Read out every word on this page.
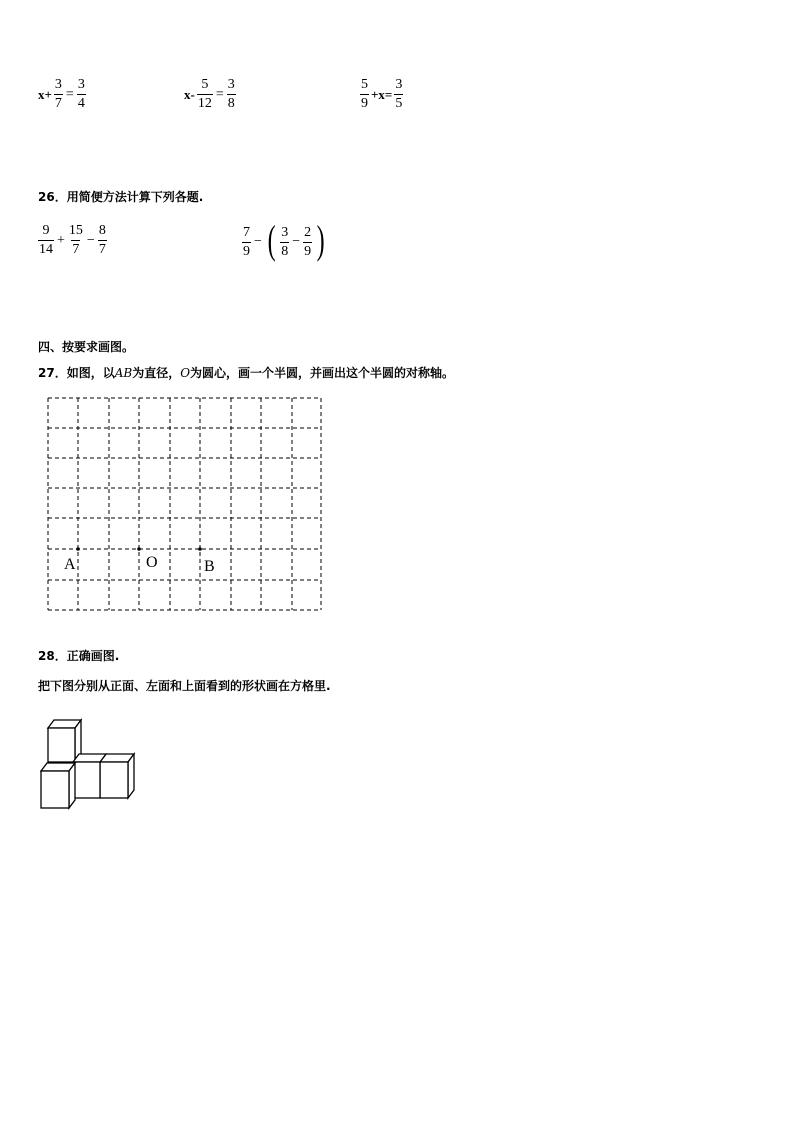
$x+ \frac{3}{7} = \frac{3}{4}$	$x- \frac{5}{12} = \frac{3}{8}$	$\frac{5}{9} +x= \frac{3}{5}$
26．用简便方法计算下列各题.
$\frac{9}{14} + \frac{15}{7} - \frac{8}{7}$	$\frac{7}{9}$ − ( $\frac{3}{8} - \frac{2}{9}$ )
四、按要求画图。
27．如图，以AB为直径，O为圆心，画一个半圆，并画出这个半圆的对称轴。
A	O	B
28．正确画图.
把下图分别从正面、左面和上面看到的形状画在方格里.
